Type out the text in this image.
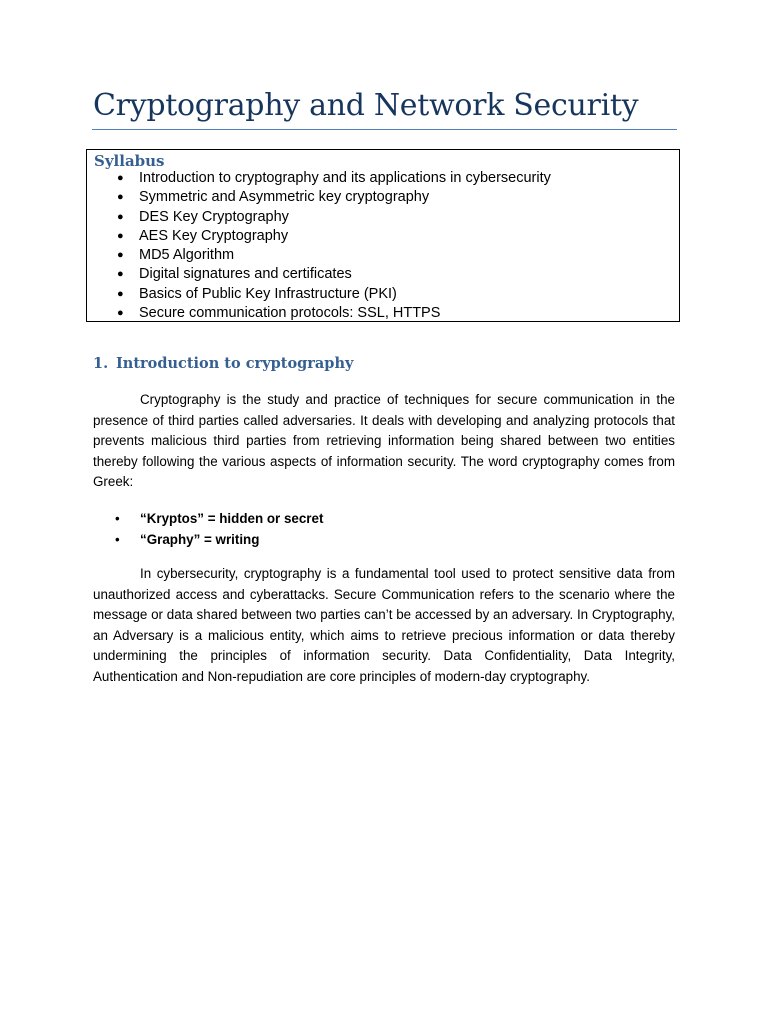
Cryptography and Network Security
Syllabus
● Introduction to cryptography and its applications in cybersecurity
● Symmetric and Asymmetric key cryptography
● DES Key Cryptography
● AES Key Cryptography
● MD5 Algorithm
● Digital signatures and certificates
● Basics of Public Key Infrastructure (PKI)
● Secure communication protocols: SSL, HTTPS
1. Introduction to cryptography

Cryptography is the study and practice of techniques for secure communication in the presence of third parties called adversaries. It deals with developing and analyzing protocols that prevents malicious third parties from retrieving information being shared between two entities thereby following the various aspects of information security. The word cryptography comes from Greek:

• “Kryptos” = hidden or secret
• “Graphy” = writing

In cybersecurity, cryptography is a fundamental tool used to protect sensitive data from unauthorized access and cyberattacks. Secure Communication refers to the scenario where the message or data shared between two parties can’t be accessed by an adversary. In Cryptography, an Adversary is a malicious entity, which aims to retrieve precious information or data thereby undermining the principles of information security. Data Confidentiality, Data Integrity, Authentication and Non-repudiation are core principles of modern-day cryptography.
